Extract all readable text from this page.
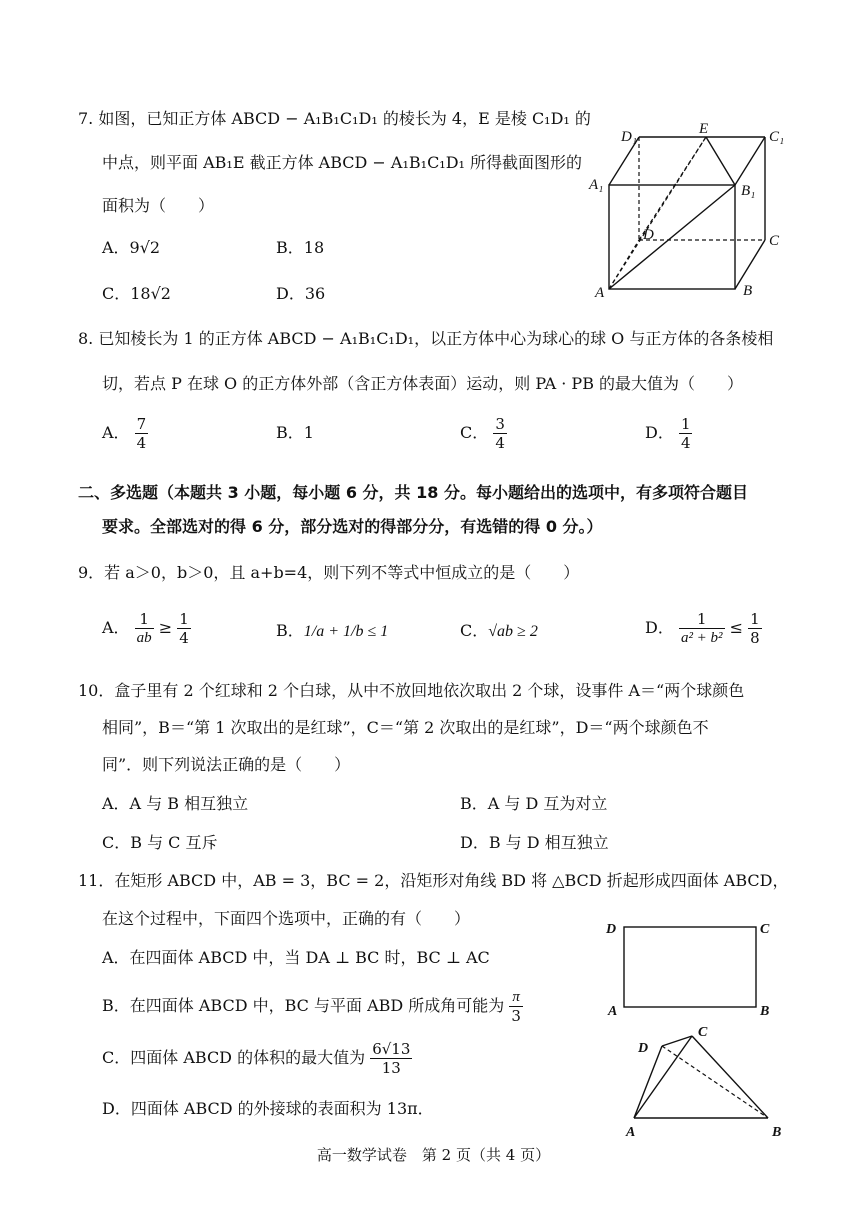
7. 如图，已知正方体 ABCD − A₁B₁C₁D₁ 的棱长为 4，E 是棱 C₁D₁ 的
中点，则平面 AB₁E 截正方体 ABCD − A₁B₁C₁D₁ 所得截面图形的
面积为（　　）
A．9√2	B．18
C．18√2	D．36
D₁	E	C₁
A₁	B₁
D	C
A	B
8. 已知棱长为 1 的正方体 ABCD − A₁B₁C₁D₁，以正方体中心为球心的球 O 与正方体的各条棱相
切，若点 P 在球 O 的正方体外部（含正方体表面）运动，则 PA · PB 的最大值为（　　）
A． $\frac{7}{4}$	B．1	C． $\frac{3}{4}$	D． $\frac{1}{4}$
二、多选题（本题共 3 小题，每小题 6 分，共 18 分。每小题给出的选项中，有多项符合题目
要求。全部选对的得 6 分，部分选对的得部分分，有选错的得 0 分。）
9．若 a＞0，b＞0，且 a+b=4，则下列不等式中恒成立的是（　　）
A． $\frac{1}{ab} \ge \frac{1}{4}$	B．1/a + 1/b ≤ 1	C．√ab ≥ 2	D． $\frac{1}{\text{a² + b²}} \le \frac{1}{8}$
10．盒子里有 2 个红球和 2 个白球，从中不放回地依次取出 2 个球，设事件 A＝“两个球颜色
相同”，B＝“第 1 次取出的是红球”，C＝“第 2 次取出的是红球”，D＝“两个球颜色不
同”．则下列说法正确的是（　　）
A．A 与 B 相互独立	B．A 与 D 互为对立
C．B 与 C 互斥	D．B 与 D 相互独立
11．在矩形 ABCD 中，AB = 3，BC = 2，沿矩形对角线 BD 将 △BCD 折起形成四面体 ABCD，
在这个过程中，下面四个选项中，正确的有（　　）
A．在四面体 ABCD 中，当 DA ⊥ BC 时，BC ⊥ AC
B．在四面体 ABCD 中，BC 与平面 ABD 所成角可能为 $\frac{\pi}{3}$
C．四面体 ABCD 的体积的最大值为 $\frac{6√13}{13}$
D．四面体 ABCD 的外接球的表面积为 13π．
D	C
A	B
D
C
A	B
高一数学试卷　第 2 页（共 4 页）
